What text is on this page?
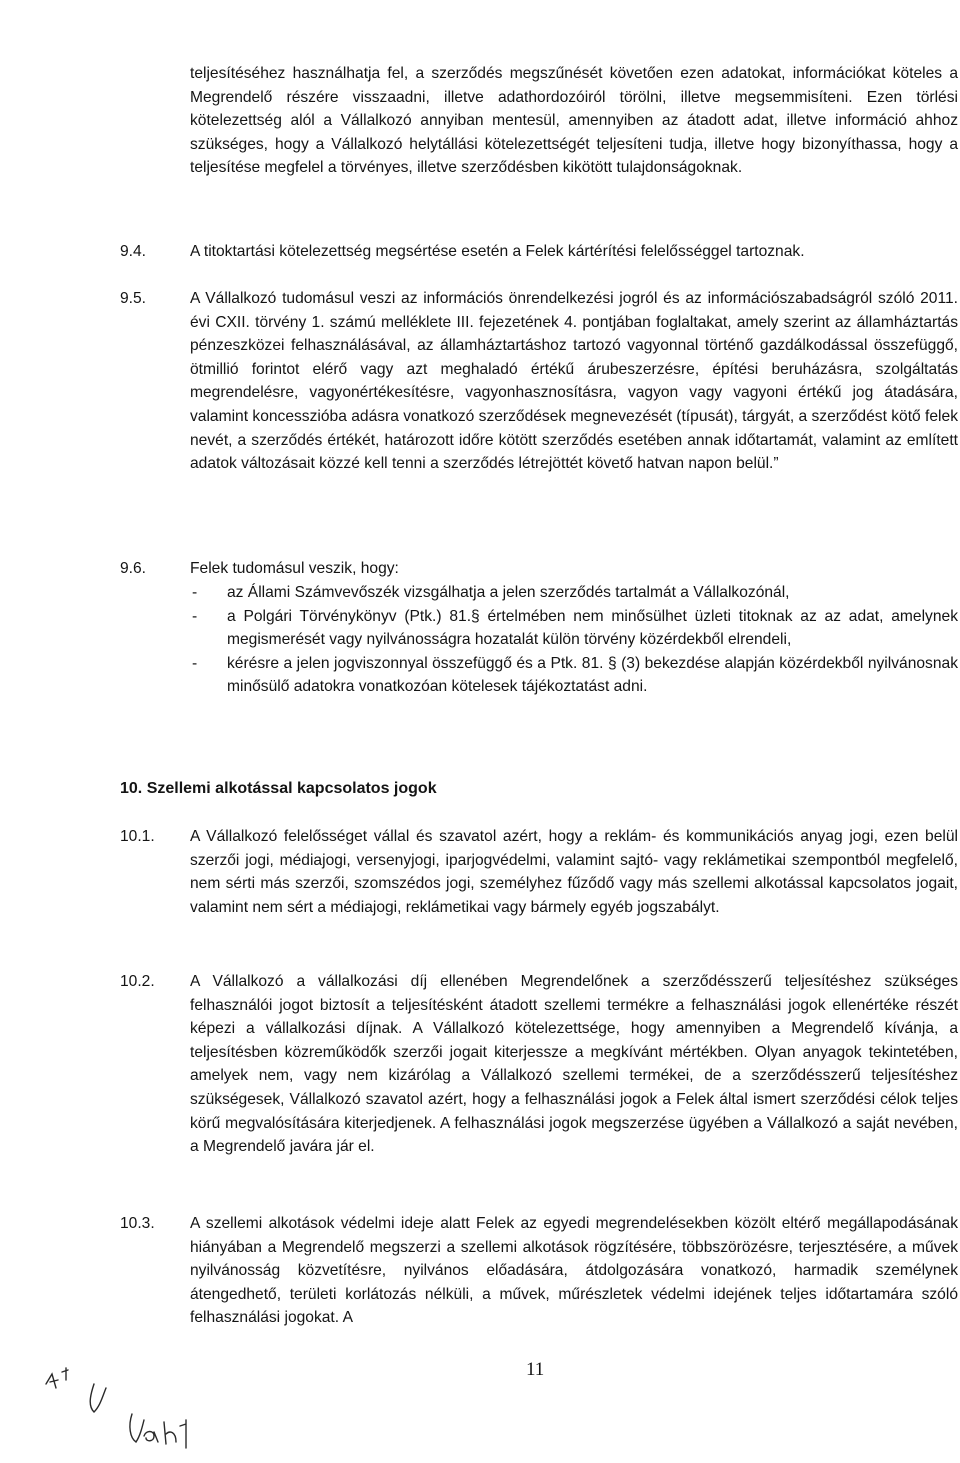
teljesítéséhez használhatja fel, a szerződés megszűnését követően ezen adatokat, információkat köteles a Megrendelő részére visszaadni, illetve adathordozóiról törölni, illetve megsemmisíteni. Ezen törlési kötelezettség alól a Vállalkozó annyiban mentesül, amennyiben az átadott adat, illetve információ ahhoz szükséges, hogy a Vállalkozó helytállási kötelezettségét teljesíteni tudja, illetve hogy bizonyíthassa, hogy a teljesítése megfelel a törvényes, illetve szerződésben kikötött tulajdonságoknak.

9.4.	A titoktartási kötelezettség megsértése esetén a Felek kártérítési felelősséggel tartoznak.

9.5.	A Vállalkozó tudomásul veszi az információs önrendelkezési jogról és az információszabadságról szóló 2011. évi CXII. törvény 1. számú melléklete III. fejezetének 4. pontjában foglaltakat, amely szerint az államháztartás pénzeszközei felhasználásával, az államháztartáshoz tartozó vagyonnal történő gazdálkodással összefüggő, ötmillió forintot elérő vagy azt meghaladó értékű árubeszerzésre, építési beruházásra, szolgáltatás megrendelésre, vagyonértékesítésre, vagyonhasznosításra, vagyon vagy vagyoni értékű jog átadására, valamint koncesszióba adásra vonatkozó szerződések megnevezését (típusát), tárgyát, a szerződést kötő felek nevét, a szerződés értékét, határozott időre kötött szerződés esetében annak időtartamát, valamint az említett adatok változásait közzé kell tenni a szerződés létrejöttét követő hatvan napon belül.”

9.6.	Felek tudomásul veszik, hogy:

- az Állami Számvevőszék vizsgálhatja a jelen szerződés tartalmát a Vállalkozónál,
- a Polgári Törvénykönyv (Ptk.) 81.§ értelmében nem minősülhet üzleti titoknak az az adat, amelynek megismerését vagy nyilvánosságra hozatalát külön törvény közérdekből elrendeli,
- kérésre a jelen jogviszonnyal összefüggő és a Ptk. 81. § (3) bekezdése alapján közérdekből nyilvánosnak minősülő adatokra vonatkozóan kötelesek tájékoztatást adni.
10. Szellemi alkotással kapcsolatos jogok
10.1. A Vállalkozó felelősséget vállal és szavatol azért, hogy a reklám- és kommunikációs anyag jogi, ezen belül szerzői jogi, médiajogi, versenyjogi, iparjogvédelmi, valamint sajtó- vagy reklámetikai szempontból megfelelő, nem sérti más szerzői, szomszédos jogi, személyhez fűződő vagy más szellemi alkotással kapcsolatos jogait, valamint nem sért a médiajogi, reklámetikai vagy bármely egyéb jogszabályt.

10.2. A Vállalkozó a vállalkozási díj ellenében Megrendelőnek a szerződésszerű teljesítéshez szükséges felhasználói jogot biztosít a teljesítésként átadott szellemi termékre a felhasználási jogok ellenértéke részét képezi a vállalkozási díjnak. A Vállalkozó kötelezettsége, hogy amennyiben a Megrendelő kívánja, a teljesítésben közreműködők szerzői jogait kiterjessze a megkívánt mértékben. Olyan anyagok tekintetében, amelyek nem, vagy nem kizárólag a Vállalkozó szellemi termékei, de a szerződésszerű teljesítéshez szükségesek, Vállalkozó szavatol azért, hogy a felhasználási jogok a Felek által ismert szerződési célok teljes körű megvalósítására kiterjedjenek. A felhasználási jogok megszerzése ügyében a Vállalkozó a saját nevében, a Megrendelő javára jár el.

10.3. A szellemi alkotások védelmi ideje alatt Felek az egyedi megrendelésekben közölt eltérő megállapodásának hiányában a Megrendelő megszerzi a szellemi alkotások rögzítésére, többszörözésre, terjesztésére, a művek nyilvánosság közvetítésre, nyilvános előadására, átdolgozására vonatkozó, harmadik személynek átengedhető, területi korlátozás nélküli, a művek, műrészletek védelmi idejének teljes időtartamára szóló felhasználási jogokat. A

11
